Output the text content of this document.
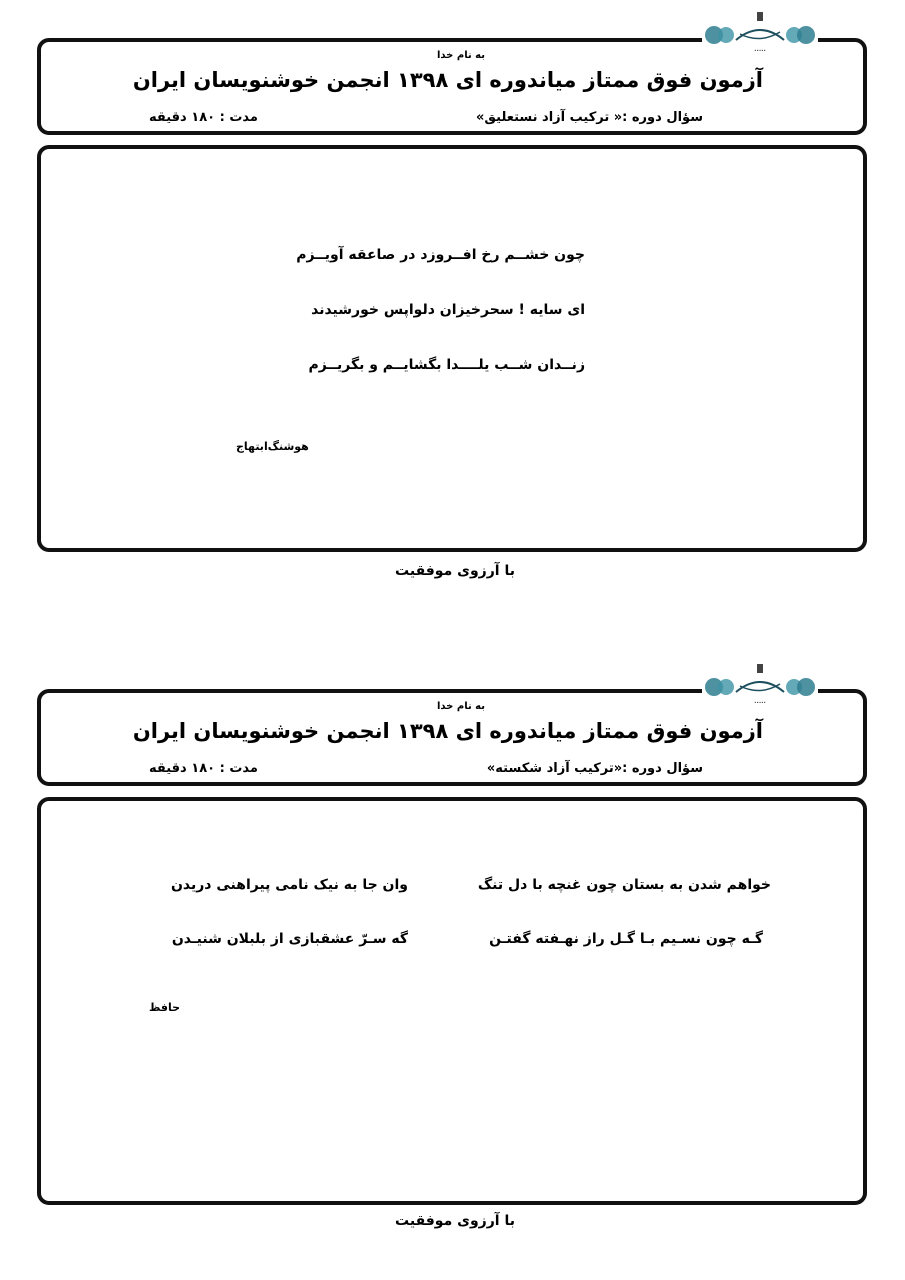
به نام خدا
آزمون فوق ممتاز میاندوره ای ۱۳۹۸ انجمن خوشنویسان ایران
سؤال دوره :« ترکیب آزاد نستعلیق»
مدت : ۱۸۰ دقیقه
•••••
چون خشــم رخ افــروزد در صاعقه آویــزم
ای سایه ! سحرخیزان دلواپس خورشیدند
زنــدان شــب یلــــدا بگشایــم و بگریــزم
هوشنگ‌ابتهاج
با آرزوی موفقیت
به نام خدا
آزمون فوق ممتاز میاندوره ای ۱۳۹۸ انجمن خوشنویسان ایران
سؤال دوره :«ترکیب آزاد شکسته»
مدت : ۱۸۰ دقیقه
•••••
خواهم شدن به بستان چون غنچه با دل تنگ
وان جا به نیک نامی پیراهنی دریدن
گـه چون نسـیم بـا گـل راز نهـفته گفتـن
گه سـرّ عشقبازی از بلبلان شنیـدن
حافظ
با آرزوی موفقیت
